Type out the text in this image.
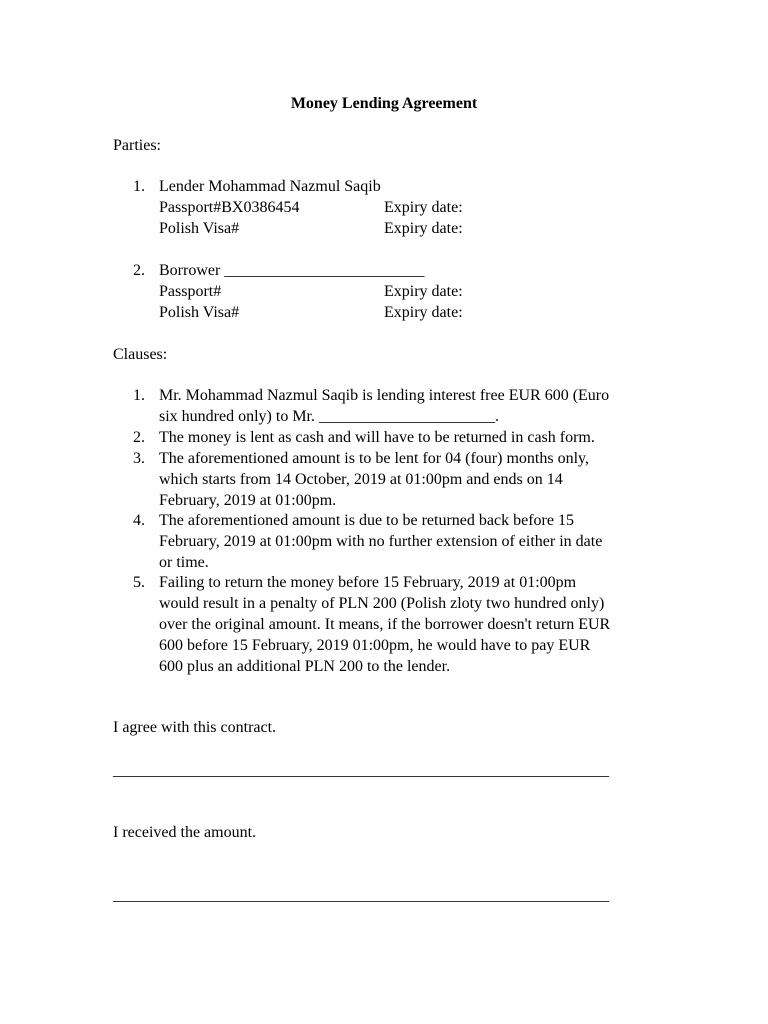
Money Lending Agreement
Parties:
1. Lender Mohammad Nazmul Saqib
Passport#BX0386454	Expiry date:
Polish Visa#	Expiry date:
2. Borrower _________________________
Passport#	Expiry date:
Polish Visa#	Expiry date:
Clauses:
1. Mr. Mohammad Nazmul Saqib is lending interest free EUR 600 (Euro
six hundred only) to Mr. ______________________.
2. The money is lent as cash and will have to be returned in cash form.
3. The aforementioned amount is to be lent for 04 (four) months only,
which starts from 14 October, 2019 at 01:00pm and ends on 14
February, 2019 at 01:00pm.
4. The aforementioned amount is due to be returned back before 15
February, 2019 at 01:00pm with no further extension of either in date
or time.
5. Failing to return the money before 15 February, 2019 at 01:00pm
would result in a penalty of PLN 200 (Polish zloty two hundred only)
over the original amount. It means, if the borrower doesn't return EUR
600 before 15 February, 2019 01:00pm, he would have to pay EUR
600 plus an additional PLN 200 to the lender.
I agree with this contract.
______________________________________________________________
I received the amount.
______________________________________________________________
